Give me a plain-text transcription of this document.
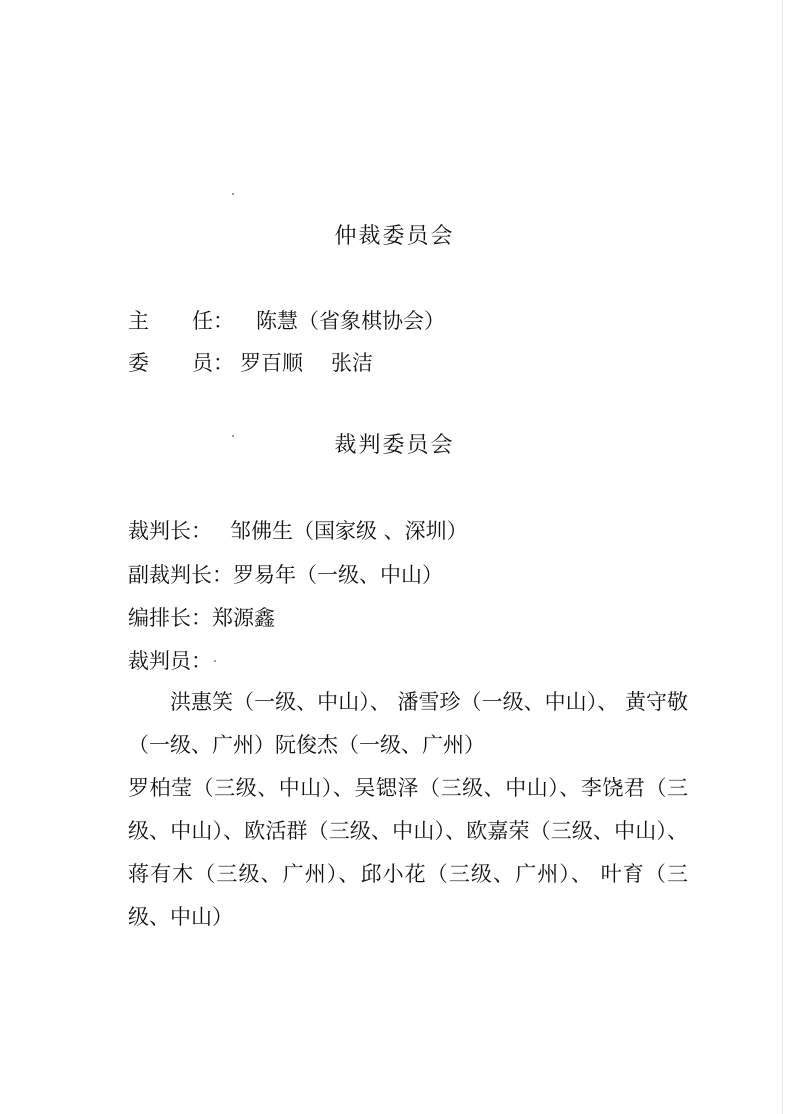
仲裁委员会
主 任： 陈慧（省象棋协会）
委 员： 罗百顺 张洁
裁判委员会
裁判长： 邹佛生（国家级 、深圳）
副裁判长：罗易年（一级、中山）
编排长：郑源鑫
裁判员：
洪惠笑（一级、中山）、 潘雪珍（一级、中山）、 黄守敬（一级、广州）阮俊杰（一级、广州）
罗柏莹（三级、中山）、吴锶泽（三级、中山）、李饶君（三级、中山）、欧活群（三级、中山）、欧嘉荣（三级、中山）、蒋有木（三级、广州）、邱小花（三级、广州）、 叶育（三级、中山）
